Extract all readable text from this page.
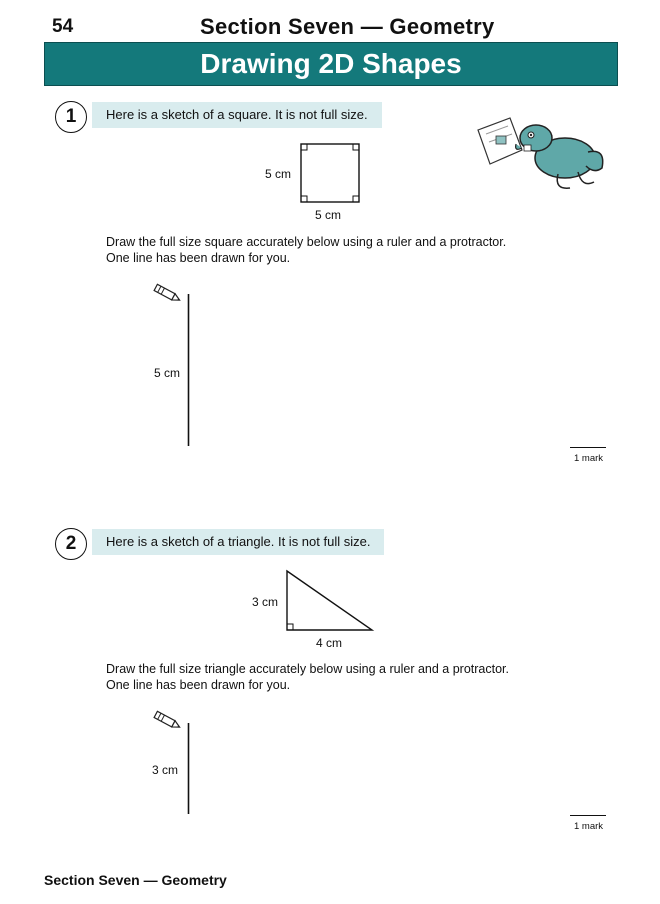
54	Section Seven — Geometry
Drawing 2D Shapes
1	Here is a sketch of a square. It is not full size.
5 cm
5 cm
Draw the full size square accurately below using a ruler and a protractor.
One line has been drawn for you.
5 cm
1 mark
2	Here is a sketch of a triangle. It is not full size.
3 cm
4 cm
Draw the full size triangle accurately below using a ruler and a protractor.
One line has been drawn for you.
3 cm
1 mark
Section Seven — Geometry
